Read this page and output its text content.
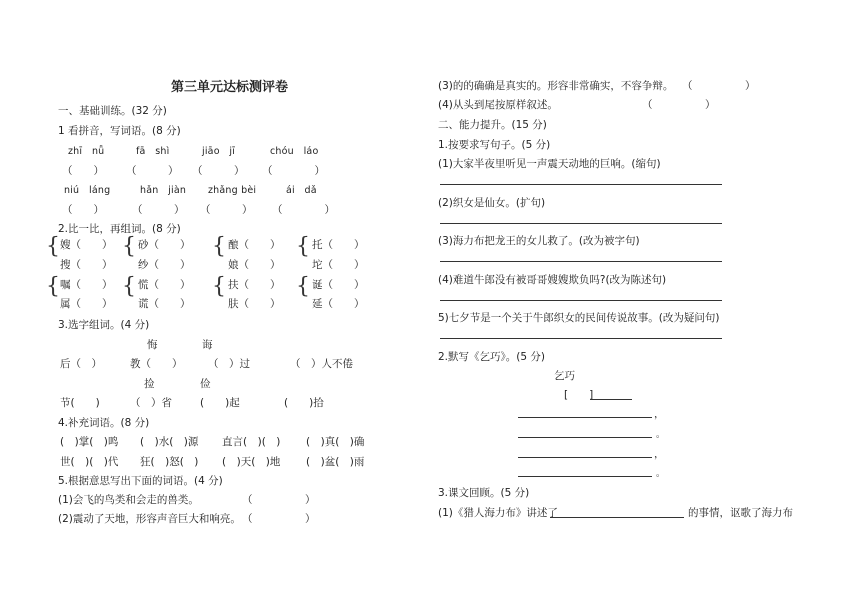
第三单元达标测评卷
一、基础训练。(32 分)
1 看拼音，写词语。(8 分)
zhī　nǚ	fā　shì	jiāo　jī	chóu　láo
（　　） （　　　） （　　　） （　　　　）
niú　láng	hǎn　jiàn zhǎng bèi	ái　dǎ
（　　）	（　　　） （　　　） （　　　　）
2.比一比，再组词。(8 分)
{	{	{	{
{	{	{	{
嫂（　　） 砂（　　）	酿（　　）	托（　　）
搜（　　） 纱（　　）	娘（　　）	坨（　　）
嘱（　　） 慌（　　）	扶（　　）	诞（　　）
属（　　） 谎（　　）	肤（　　）	延（　　）
3.选字组词。(4 分)
悔	诲
后（　）	教（　　） （　）过	（　）人不倦
捡	俭
节(　　)	（　）省	(　　)起	(　　)拾
4.补充词语。(8 分)
(　)掌(　)鸣 (　)水(　)源 直言(　)(　) (　)真(　)确
世(　)(　)代 狂(　)怒(　) (　)天(　)地 (　)盆(　)雨
5.根据意思写出下面的词语。(4 分)
(1)会飞的鸟类和会走的兽类。	（　　　　　）
(2)震动了天地，形容声音巨大和响亮。 （　　　　　）
(3)的的确确是真实的。形容非常确实，不容争辩。 （　　　　　）
(4)从头到尾按原样叙述。	（　　　　　）
二、能力提升。(15 分)
1.按要求写句子。(5 分)
(1)大家半夜里听见一声震天动地的巨响。(缩句)
(2)织女是仙女。(扩句)
(3)海力布把龙王的女儿救了。(改为被字句)
(4)难道牛郎没有被哥哥嫂嫂欺负吗?(改为陈述句)
5)七夕节是一个关于牛郎织女的民间传说故事。(改为疑问句)
2.默写《乞巧》。(5 分)
乞巧
[　　]
，
。
，
。
3.课文回顾。(5 分)
(1)《猎人海力布》讲述了	的事情，讴歌了海力布
